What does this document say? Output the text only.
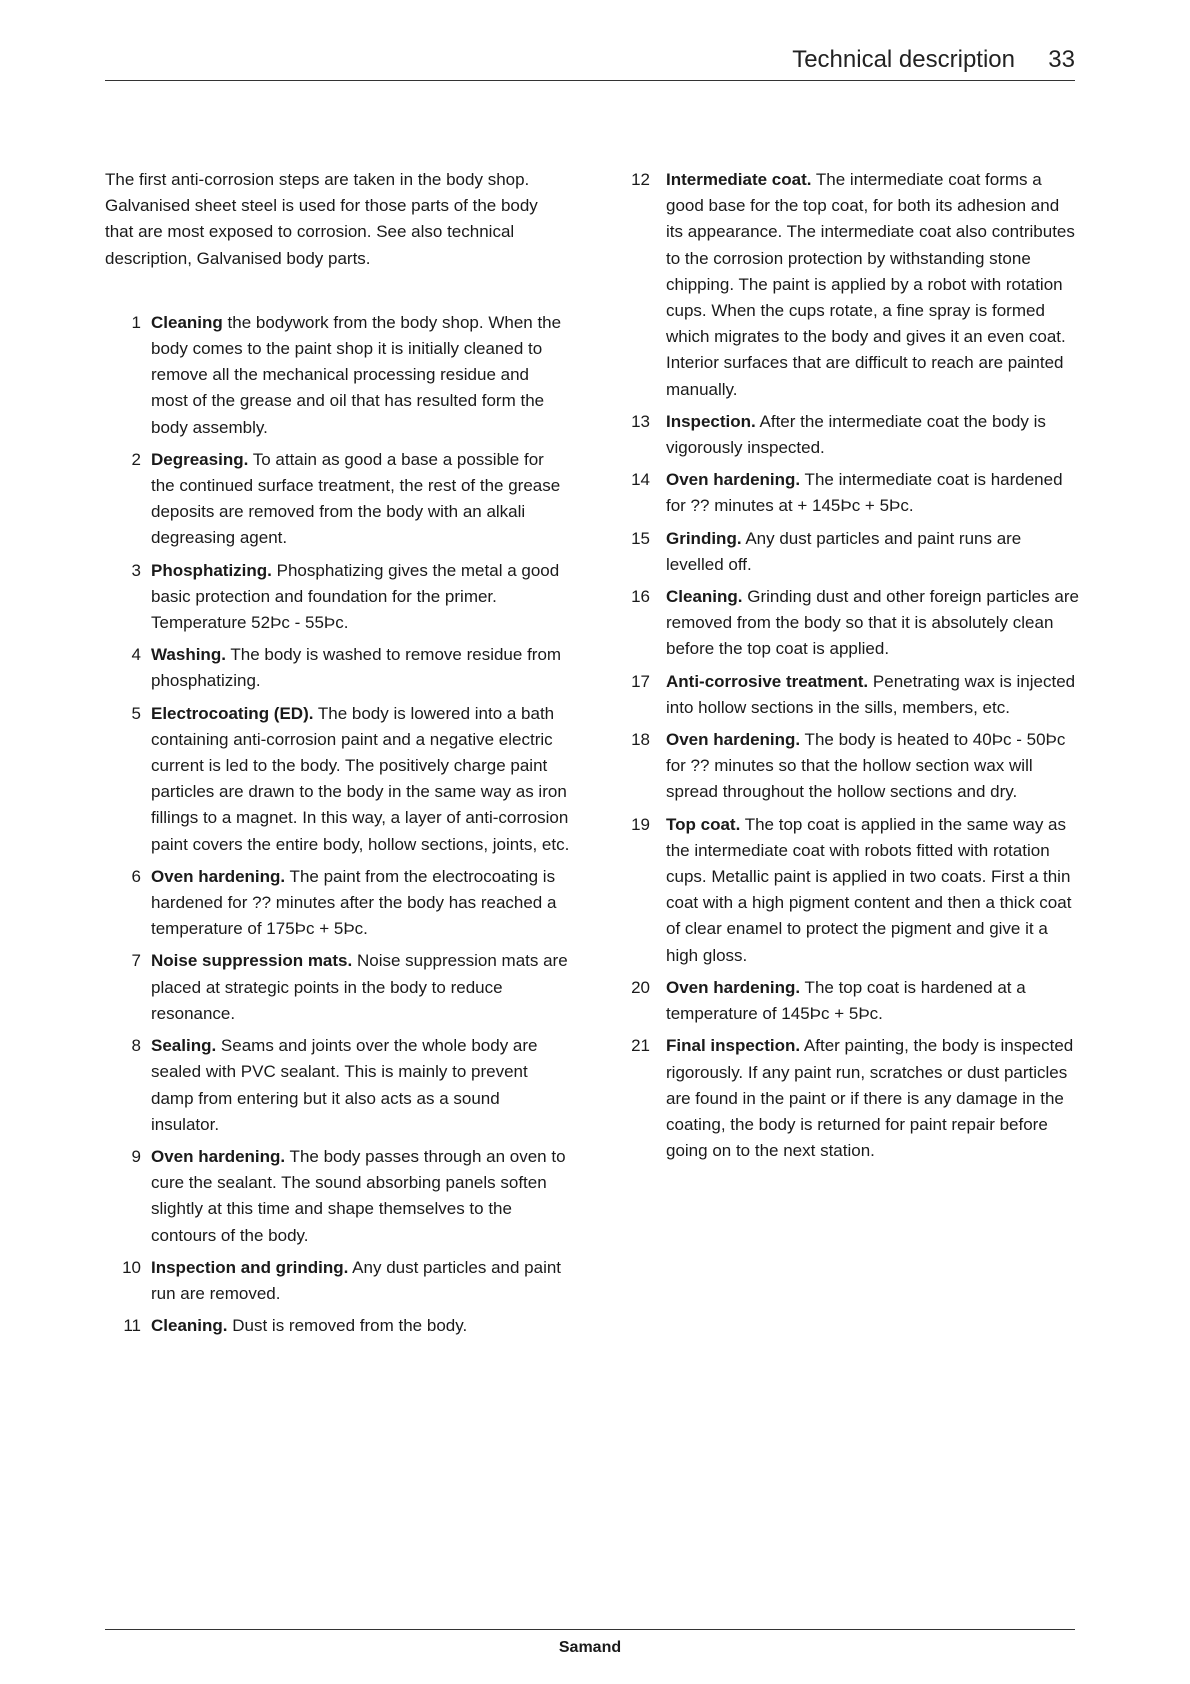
Technical description 33

The first anti-corrosion steps are taken in the body shop. Galvanised sheet steel is used for those parts of the body that are most exposed to corrosion. See also technical description, Galvanised body parts.

1 Cleaning the bodywork from the body shop. When the body comes to the paint shop it is initially cleaned to remove all the mechanical processing residue and most of the grease and oil that has resulted form the body assembly.
2 Degreasing. To attain as good a base a possible for the continued surface treatment, the rest of the grease deposits are removed from the body with an alkali degreasing agent.
3 Phosphatizing. Phosphatizing gives the metal a good basic protection and foundation for the primer. Temperature 52Þc - 55Þc.
4 Washing. The body is washed to remove residue from phosphatizing.
5 Electrocoating (ED). The body is lowered into a bath containing anti-corrosion paint and a negative electric current is led to the body. The positively charge paint particles are drawn to the body in the same way as iron fillings to a magnet. In this way, a layer of anti-corrosion paint covers the entire body, hollow sections, joints, etc.
6 Oven hardening. The paint from the electrocoating is hardened for ?? minutes after the body has reached a temperature of 175Þc + 5Þc.
7 Noise suppression mats. Noise suppression mats are placed at strategic points in the body to reduce resonance.
8 Sealing. Seams and joints over the whole body are sealed with PVC sealant. This is mainly to prevent damp from entering but it also acts as a sound insulator.
9 Oven hardening. The body passes through an oven to cure the sealant. The sound absorbing panels soften slightly at this time and shape themselves to the contours of the body.
10 Inspection and grinding. Any dust particles and paint run are removed.
11 Cleaning. Dust is removed from the body.
12 Intermediate coat. The intermediate coat forms a good base for the top coat, for both its adhesion and its appearance. The intermediate coat also contributes to the corrosion protection by withstanding stone chipping. The paint is applied by a robot with rotation cups. When the cups rotate, a fine spray is formed which migrates to the body and gives it an even coat. Interior surfaces that are difficult to reach are painted manually.
13 Inspection. After the intermediate coat the body is vigorously inspected.
14 Oven hardening. The intermediate coat is hardened for ?? minutes at + 145Þc + 5Þc.
15 Grinding. Any dust particles and paint runs are levelled off.
16 Cleaning. Grinding dust and other foreign particles are removed from the body so that it is absolutely clean before the top coat is applied.
17 Anti-corrosive treatment. Penetrating wax is injected into hollow sections in the sills, members, etc.
18 Oven hardening. The body is heated to 40Þc - 50Þc for ?? minutes so that the hollow section wax will spread throughout the hollow sections and dry.
19 Top coat. The top coat is applied in the same way as the intermediate coat with robots fitted with rotation cups. Metallic paint is applied in two coats. First a thin coat with a high pigment content and then a thick coat of clear enamel to protect the pigment and give it a high gloss.
20 Oven hardening. The top coat is hardened at a temperature of 145Þc + 5Þc.
21 Final inspection. After painting, the body is inspected rigorously. If any paint run, scratches or dust particles are found in the paint or if there is any damage in the coating, the body is returned for paint repair before going on to the next station.
Samand
